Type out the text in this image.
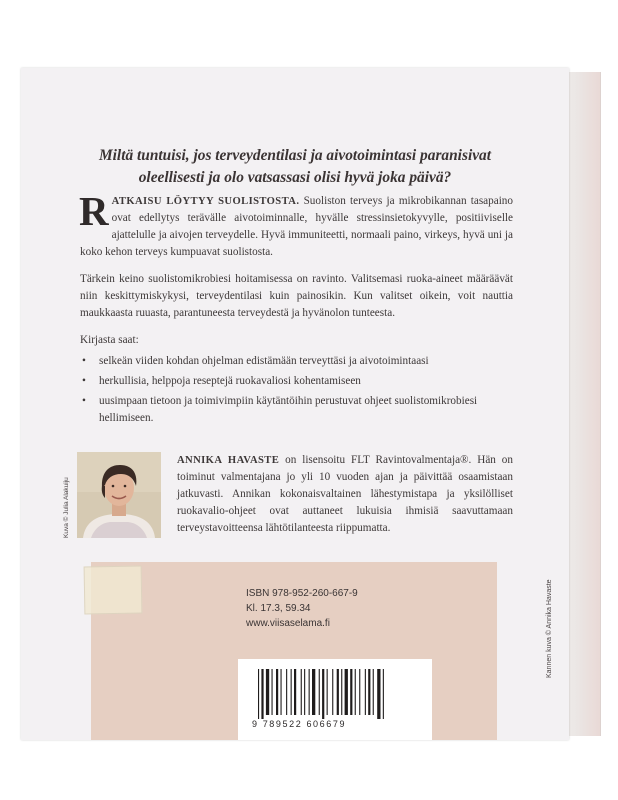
Miltä tuntuisi, jos terveydentilasi ja aivotoimintasi paranisivat
oleellisesti ja olo vatsassasi olisi hyvä joka päivä?

RATKAISU LÖYTYY SUOLISTOSTA. Suoliston terveys ja mikrobikannan tasapaino ovat edellytys terävälle aivotoiminnalle, hyvälle stressinsietokyvylle, positiiviselle ajattelulle ja aivojen terveydelle. Hyvä immuniteetti, normaali paino, virkeys, hyvä uni ja koko kehon terveys kumpuavat suolistosta.

Tärkein keino suolistomikrobiesi hoitamisessa on ravinto. Valitsemasi ruoka-aineet määräävät niin keskittymiskykysi, terveydentilasi kuin painosikin. Kun valitset oikein, voit nauttia maukkaasta ruuasta, parantuneesta terveydestä ja hyvänolon tunteesta.

Kirjasta saat:

• selkeän viiden kohdan ohjelman edistämään terveyttäsi ja aivotoimintaasi
• herkullisia, helppoja reseptejä ruokavaliosi kohentamiseen
• uusimpaan tietoon ja toimivimpiin käytäntöihin perustuvat ohjeet suolistomikrobiesi hellimiseen.
Kuva © Julia Alakuiju

ANNIKA HAVASTE on lisensoitu FLT Ravintovalmentaja®. Hän on toiminut valmentajana jo yli 10 vuoden ajan ja päivittää osaamistaan jatkuvasti. Annikan kokonaisvaltainen lähestymistapa ja yksilölliset ruokavalio-ohjeet ovat auttaneet lukuisia ihmisiä saavuttamaan terveystavoitteensa lähtötilanteesta riippumatta.

ISBN 978-952-260-667-9
Kl. 17.3, 59.34
www.viisaselama.fi
9 789522 606679
Kannen kuva © Annika Havaste
